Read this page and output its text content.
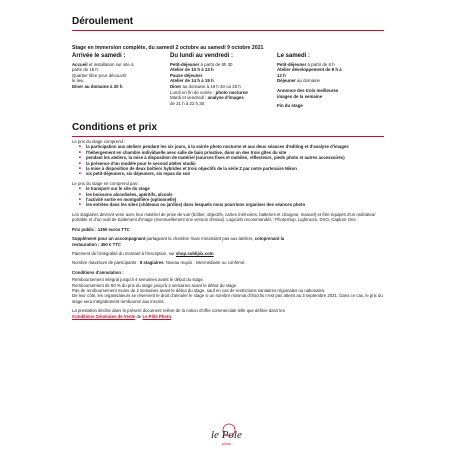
Déroulement
Stage en immersion complète, du samedi 2 octobre au samedi 9 octobre 2021
Arrivée le samedi :

Accueil et installation sur site à

partir de 15 h

Quartier libre pour découvrir

le lieu

Diner au domaine à 20 h

Du lundi au vendredi :

Petit-déjeuner à partir de 8h 30

Atelier de 10 h à 13 h

Pause déjeuner

Atelier de 14 h à 19 h

Diner au domaine à 19 h 30 ou 20 h

Lundi en fin de soirée : photo nocturne

Mardi et vendredi : analyse d'images

de 21 h à 22 h 30

Le samedi :

Petit-déjeuner à partir de 8 h

Atelier développement de 9 h à

12 h

Déjeuner au domaine

Annonce des trois meilleures

images de la semaine

Fin du stage

Conditions et prix

Le prix du stage comprend :

■ la participation aux ateliers pendant les six jours, à la soirée photo nocturne et aux deux séances d'editing et d'analyse d'images
■ l'hébergement en chambre individuelle avec salle de bain privative, dans un des trois gîtes du site
■ pendant les ateliers, la mise à disposition de matériel (sources fixes et mobiles, réflecteurs, pieds photo et autres accessoires)
■ la présence d'un modèle pour le second atelier studio
■ la mise à disposition de deux boîtiers hybrides et trois objectifs de la série Z par notre partenaire Nikon
■ six petit-déjeuners, six déjeuners, six repas du soir

Le prix du stage ne comprend pas :

■ le transport sur le site du stage
■ les boissons alcoolisées, apéritifs, alcools
■ l'activité sortie en montgolfière (optionnelle)
■ les entrées dans les sites (châteaux ou jardins) dans lesquels nous pourrions organiser des séances photo

Les stagiaires devront venir avec leur matériel de prise de vue (boîtier, objectifs, cartes mémoires, batteries et chargeur, manuel) et être équipés d'un ordinateur portable et d'un outil de traitement d'image (éventuellement une version d'essai). Logiciels recommandés : Photoshop, Lightroom, DXO, Capture One.

Prix public : 1350 euros TTC

Supplément pour un accompagnant partageant la chambre mais n'assistant pas aux ateliers, comprenant la
restauration : 450 € TTC

Paiement de l'intégralité du montant à l'inscription, sur shop.sublipix.com

Nombre maximum de participants : 8 stagiaires. Niveau requis : intermédiaire ou confirmé.

Conditions d'annulation :

Remboursement intégral jusqu'à 4 semaines avant le début du stage.

Remboursement de 50 % du prix du stage jusqu'à 2 semaines avant le début du stage

Pas de remboursement moins de 2 semaines avant le début du stage, sauf en cas de restrictions sanitaires régionales ou nationales.

De leur côté, les organisateurs se réservent le droit d'annuler le stage si un nombre minimal d'inscrits n'est pas atteint au 3 septembre 2021. Dans ce cas, le prix du stage sera intégralement remboursé aux inscrits.

La prestation décrite dans le présent document relève de la notion d'offre commerciale telle que définie dans les
Conditions Générales de Vente de Le Pôle Photo.

le Pole
photo
